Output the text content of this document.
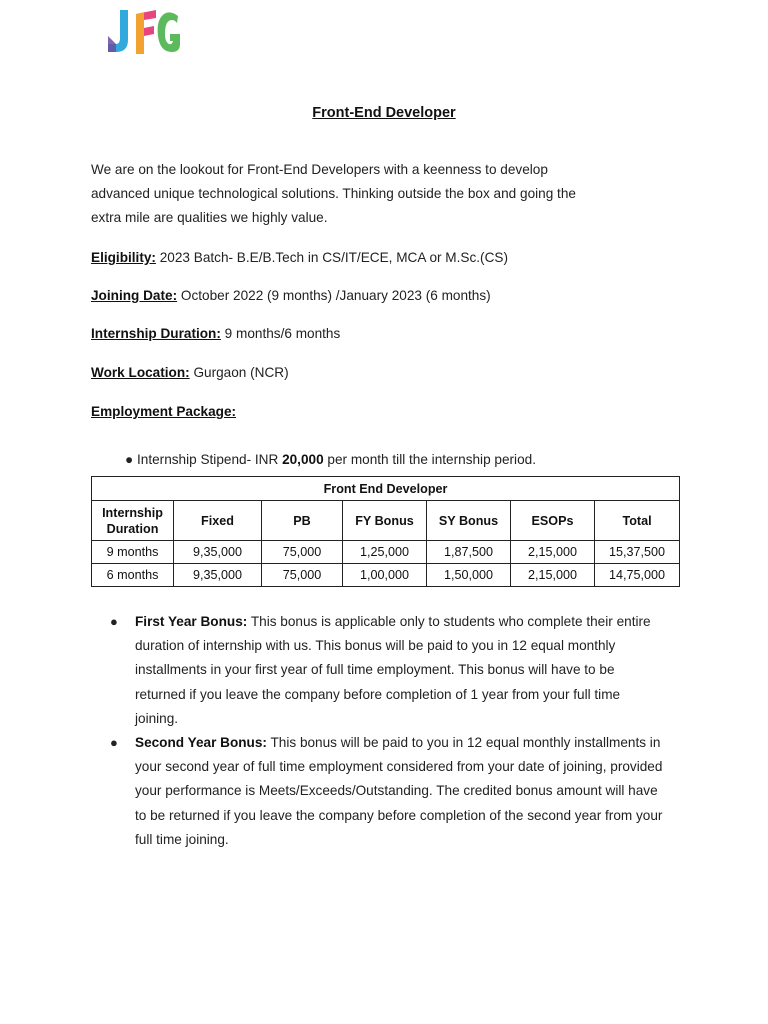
Front-End Developer
We are on the lookout for Front-End Developers with a keenness to develop
advanced unique technological solutions. Thinking outside the box and going the
extra mile are qualities we highly value.
Eligibility: 2023 Batch- B.E/B.Tech in CS/IT/ECE, MCA or M.Sc.(CS)
Joining Date: October 2022 (9 months) /January 2023 (6 months)
Internship Duration: 9 months/6 months
Work Location: Gurgaon (NCR)
Employment Package:
● Internship Stipend- INR 20,000 per month till the internship period.
Front End Developer						
Internship Duration	Fixed	PB	FY Bonus	SY Bonus	ESOPs	Total
9 months	9,35,000	75,000	1,25,000	1,87,500	2,15,000	15,37,500
6 months	9,35,000	75,000	1,00,000	1,50,000	2,15,000	14,75,000
● First Year Bonus: This bonus is applicable only to students who complete their entire
duration of internship with us. This bonus will be paid to you in 12 equal monthly
installments in your first year of full time employment. This bonus will have to be
returned if you leave the company before completion of 1 year from your full time
joining.
● Second Year Bonus: This bonus will be paid to you in 12 equal monthly installments in
your second year of full time employment considered from your date of joining, provided
your performance is Meets/Exceeds/Outstanding. The credited bonus amount will have
to be returned if you leave the company before completion of the second year from your
full time joining.
